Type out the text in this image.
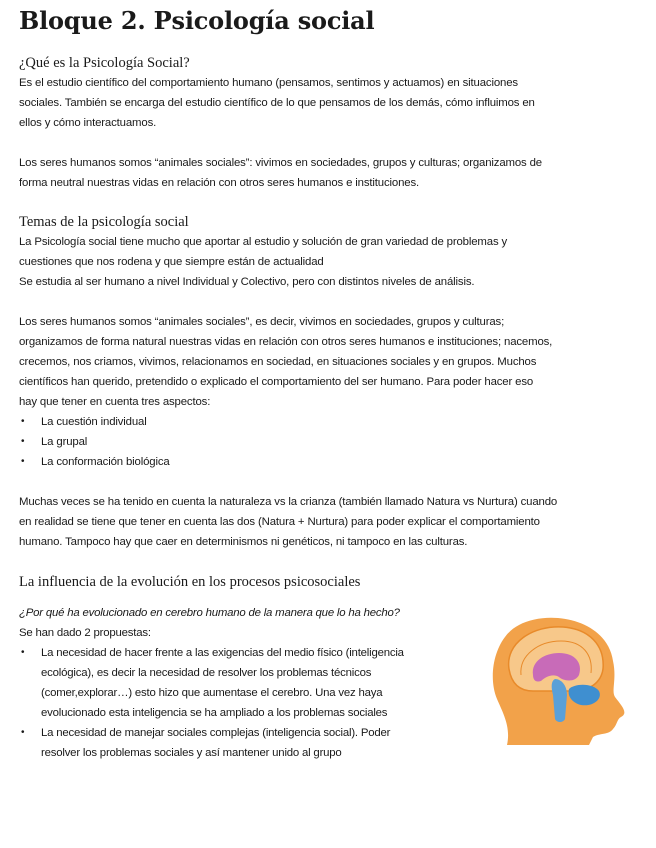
Bloque 2. Psicología social
¿Qué es la Psicología Social?

Es el estudio científico del comportamiento humano (pensamos, sentimos y actuamos) en situaciones

sociales. También se encarga del estudio científico de lo que pensamos de los demás, cómo influimos en

ellos y cómo interactuamos.

Los seres humanos somos “animales sociales”: vivimos en sociedades, grupos y culturas; organizamos de

forma neutral nuestras vidas en relación con otros seres humanos e instituciones.

Temas de la psicología social

La Psicología social tiene mucho que aportar al estudio y solución de gran variedad de problemas y

cuestiones que nos rodena y que siempre están de actualidad

Se estudia al ser humano a nivel Individual y Colectivo, pero con distintos niveles de análisis.

Los seres humanos somos “animales sociales”, es decir, vivimos en sociedades, grupos y culturas;

organizamos de forma natural nuestras vidas en relación con otros seres humanos e instituciones; nacemos,

crecemos, nos criamos, vivimos, relacionamos en sociedad, en situaciones sociales y en grupos. Muchos

científicos han querido, pretendido o explicado el comportamiento del ser humano. Para poder hacer eso

hay que tener en cuenta tres aspectos:

• La cuestión individual
• La grupal
• La conformación biológica

Muchas veces se ha tenido en cuenta la naturaleza vs la crianza (también llamado Natura vs Nurtura) cuando

en realidad se tiene que tener en cuenta las dos (Natura + Nurtura) para poder explicar el comportamiento

humano. Tampoco hay que caer en determinismos ni genéticos, ni tampoco en las culturas.

La influencia de la evolución en los procesos psicosociales

¿Por qué ha evolucionado en cerebro humano de la manera que lo ha hecho?

Se han dado 2 propuestas:

• La necesidad de hacer frente a las exigencias del medio físico (inteligencia
ecológica), es decir la necesidad de resolver los problemas técnicos
(comer,explorar…) esto hizo que aumentase el cerebro. Una vez haya
evolucionado esta inteligencia se ha ampliado a los problemas sociales
• La necesidad de manejar sociales complejas (inteligencia social). Poder
resolver los problemas sociales y así mantener unido al grupo
